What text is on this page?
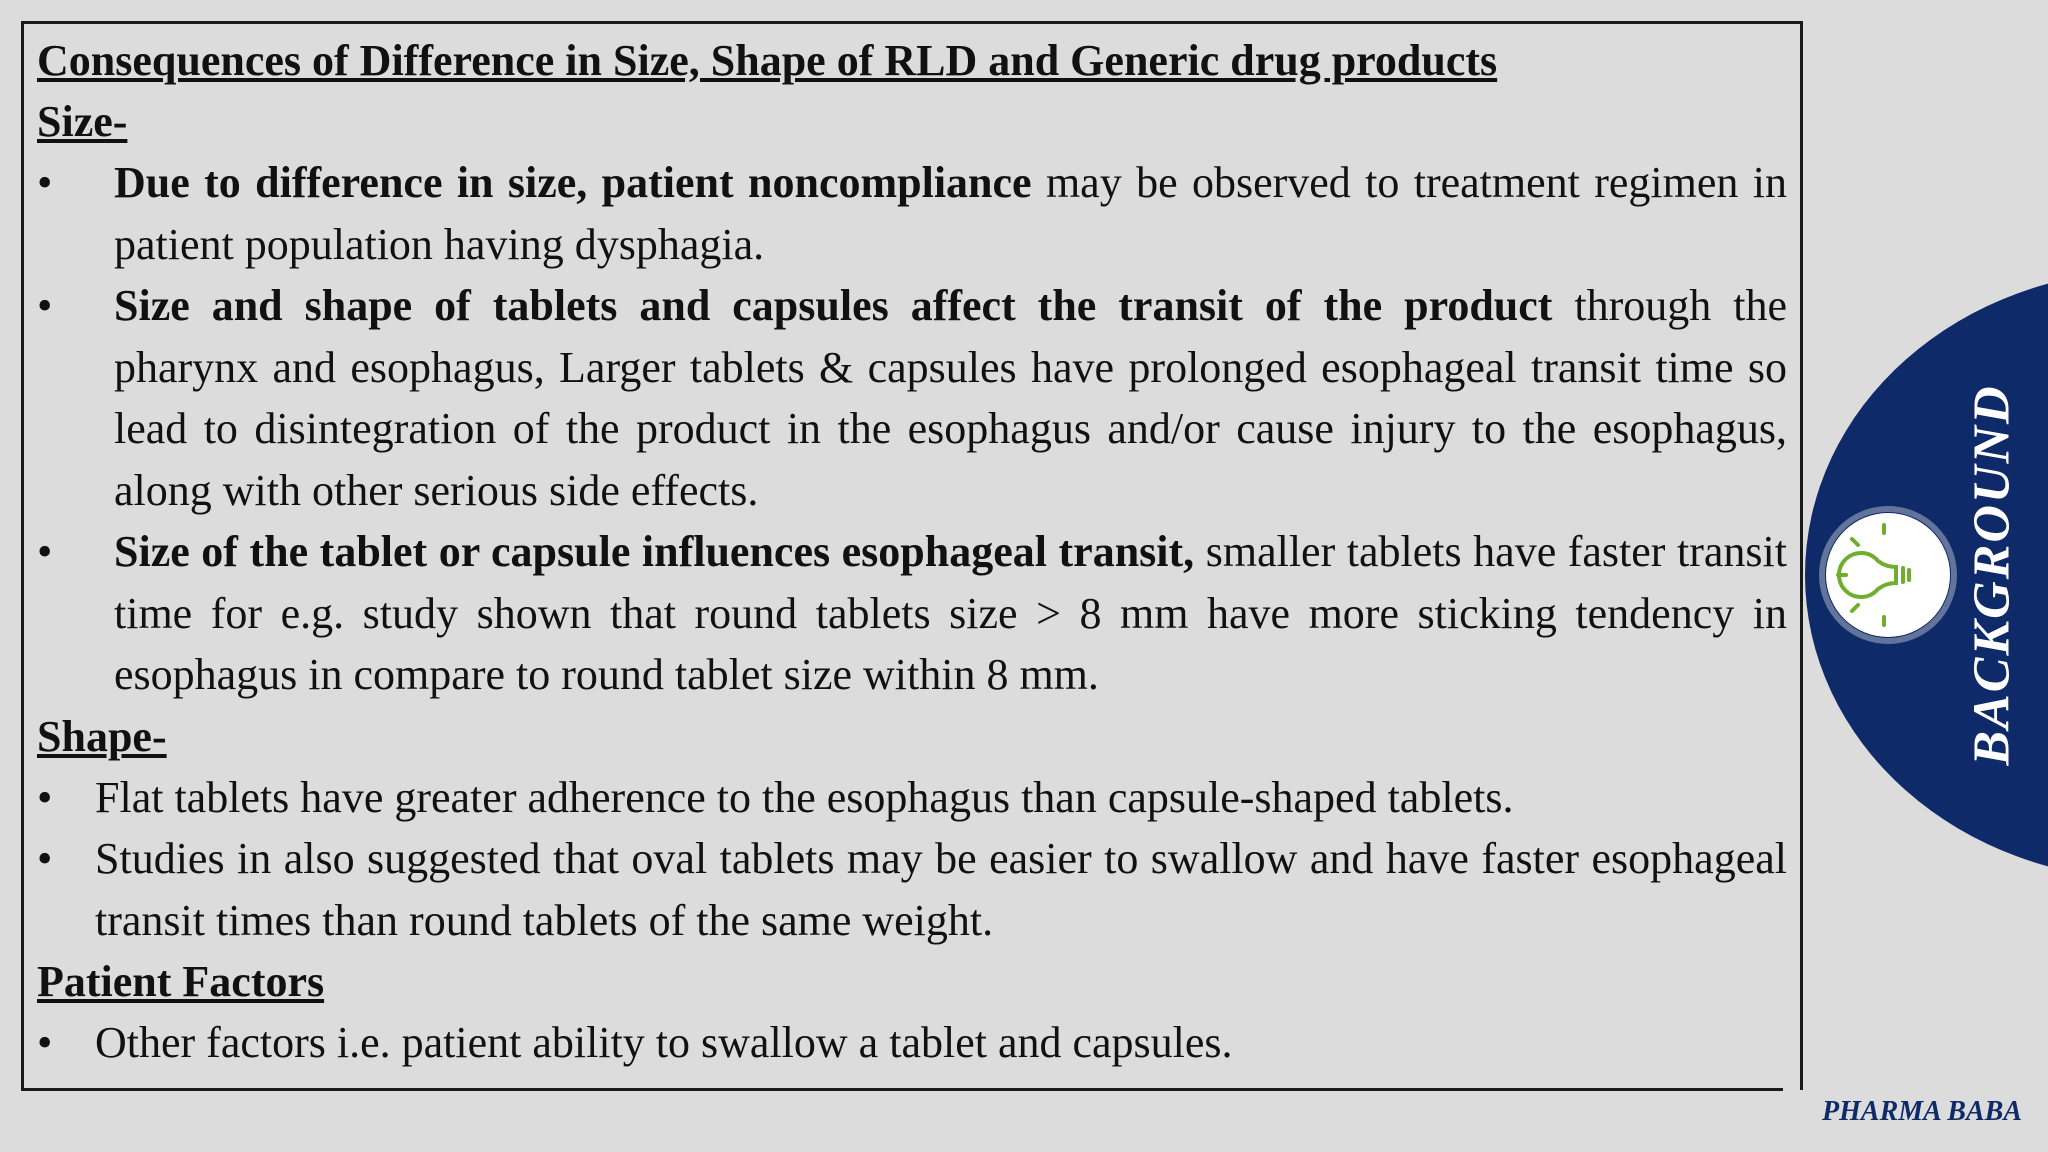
Consequences of Difference in Size, Shape of RLD and Generic drug products
Size-
• Due to difference in size, patient noncompliance may be observed to treatment regimen in patient population having dysphagia.
• Size and shape of tablets and capsules affect the transit of the product through the pharynx and esophagus, Larger tablets & capsules have prolonged esophageal transit time so lead to disintegration of the product in the esophagus and/or cause injury to the esophagus, along with other serious side effects.
• Size of the tablet or capsule influences esophageal transit, smaller tablets have faster transit time for e.g. study shown that round tablets size > 8 mm have more sticking tendency in esophagus in compare to round tablet size within 8 mm.
Shape-
• Flat tablets have greater adherence to the esophagus than capsule-shaped tablets.
• Studies in also suggested that oval tablets may be easier to swallow and have faster esophageal transit times than round tablets of the same weight.
Patient Factors
• Other factors i.e. patient ability to swallow a tablet and capsules.
BACKGROUND
PHARMA BABA
